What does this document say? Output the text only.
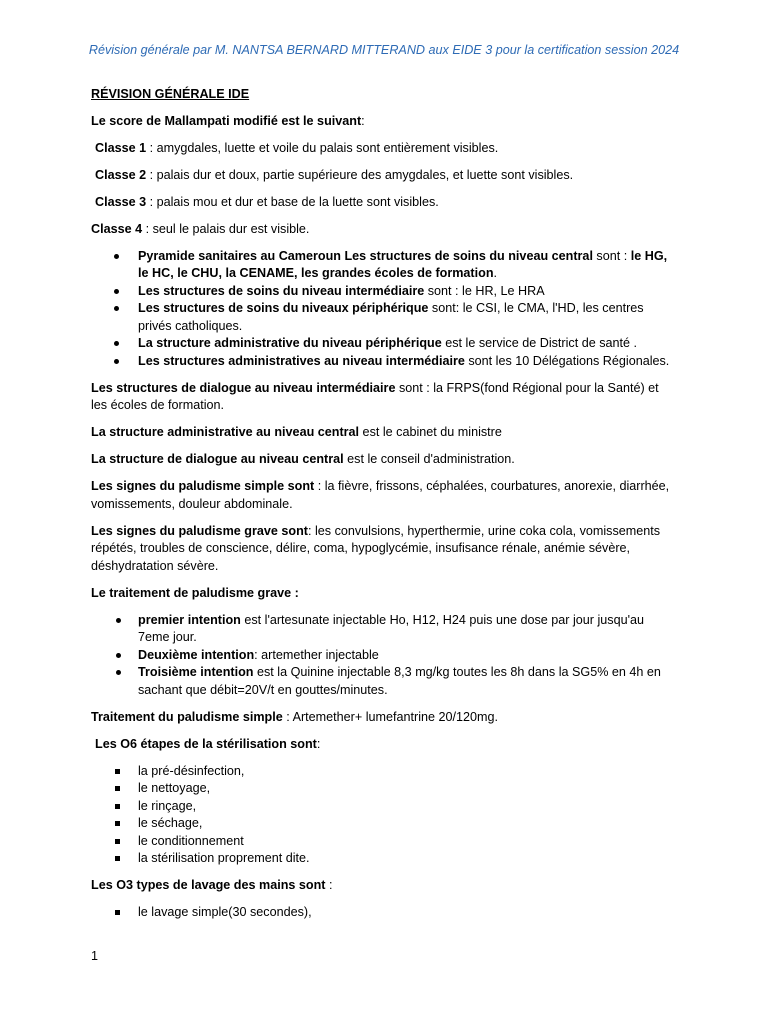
Révision générale par M. NANTSA BERNARD MITTERAND aux EIDE 3 pour la certification session 2024

RÉVISION GÉNÉRALE IDE

Le score de Mallampati modifié est le suivant:

Classe 1 : amygdales, luette et voile du palais sont entièrement visibles.

Classe 2 : palais dur et doux, partie supérieure des amygdales, et luette sont visibles.

Classe 3 : palais mou et dur et base de la luette sont visibles.

Classe 4 : seul le palais dur est visible.

Pyramide sanitaires au Cameroun Les structures de soins du niveau central sont : le HG, le HC, le CHU, la CENAME, les grandes écoles de formation.
Les structures de soins du niveau intermédiaire sont : le HR, Le HRA
Les structures de soins du niveaux périphérique sont: le CSI, le CMA, l'HD, les centres privés catholiques.
La structure administrative du niveau périphérique est le service de District de santé .
Les structures administratives au niveau intermédiaire sont les 10 Délégations Régionales.

Les structures de dialogue au niveau intermédiaire sont : la FRPS(fond Régional pour la Santé) et les écoles de formation.

La structure administrative au niveau central est le cabinet du ministre

La structure de dialogue au niveau central est le conseil d'administration.

Les signes du paludisme simple sont : la fièvre, frissons, céphalées, courbatures, anorexie, diarrhée, vomissements, douleur abdominale.

Les signes du paludisme grave sont: les convulsions, hyperthermie, urine coka cola, vomissements répétés, troubles de conscience, délire, coma, hypoglycémie, insufisance rénale, anémie sévère, déshydratation sévère.

Le traitement de paludisme grave :

premier intention est l'artesunate injectable Ho, H12, H24 puis une dose par jour jusqu'au 7eme jour.
Deuxième intention: artemether injectable
Troisième intention est la Quinine injectable 8,3 mg/kg toutes les 8h dans la SG5% en 4h en sachant que débit=20V/t en gouttes/minutes.

Traitement du paludisme simple : Artemether+ lumefantrine 20/120mg.

Les O6 étapes de la stérilisation sont:

la pré-désinfection,
le nettoyage,
le rinçage,
le séchage,
le conditionnement
la stérilisation proprement dite.

Les O3 types de lavage des mains sont :

le lavage simple(30 secondes),
1
